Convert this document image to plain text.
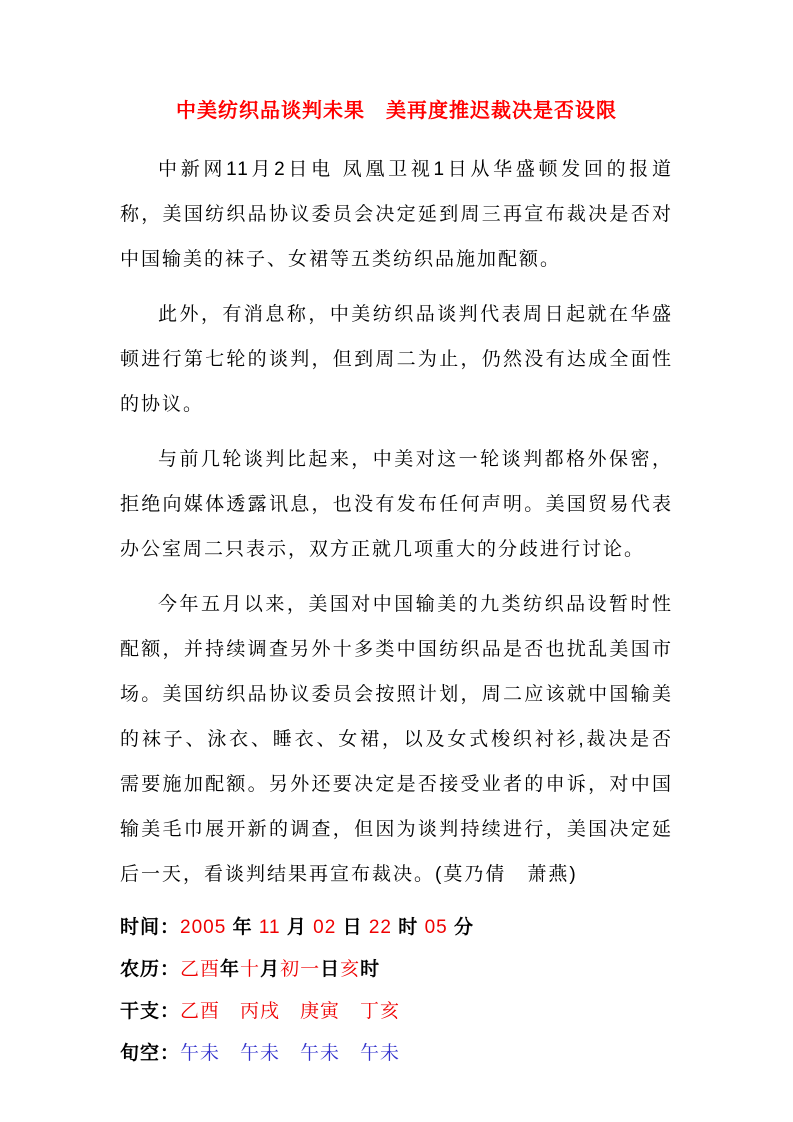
中美纺织品谈判未果　美再度推迟裁决是否设限

中新网11月2日电 凤凰卫视1日从华盛顿发回的报道称，美国纺织品协议委员会决定延到周三再宣布裁决是否对中国输美的袜子、女裙等五类纺织品施加配额。

此外，有消息称，中美纺织品谈判代表周日起就在华盛顿进行第七轮的谈判，但到周二为止，仍然没有达成全面性的协议。

与前几轮谈判比起来，中美对这一轮谈判都格外保密，拒绝向媒体透露讯息，也没有发布任何声明。美国贸易代表办公室周二只表示，双方正就几项重大的分歧进行讨论。

今年五月以来，美国对中国输美的九类纺织品设暂时性配额，并持续调查另外十多类中国纺织品是否也扰乱美国市场。美国纺织品协议委员会按照计划，周二应该就中国输美的袜子、泳衣、睡衣、女裙，以及女式梭织衬衫,裁决是否需要施加配额。另外还要决定是否接受业者的申诉，对中国输美毛巾展开新的调查，但因为谈判持续进行，美国决定延后一天，看谈判结果再宣布裁决。(莫乃倩　萧燕)

时间：2005 年 11 月 02 日 22 时 05 分
农历：乙酉年十月初一日亥时
干支：乙酉　丙戌　庚寅　丁亥
旬空：午未　午未　午未　午未
